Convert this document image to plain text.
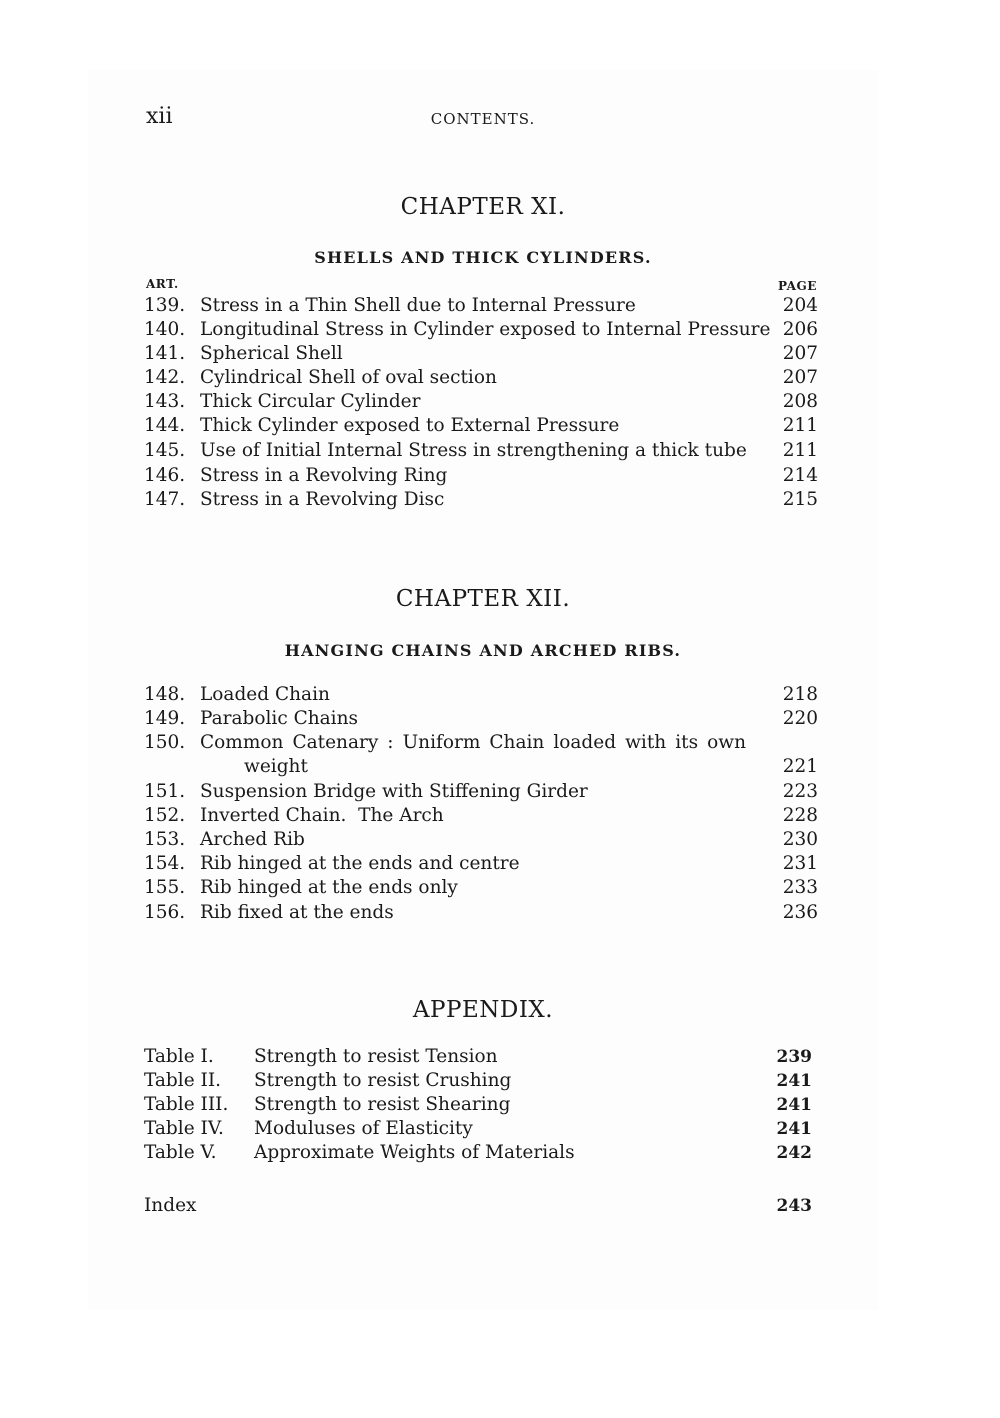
xii	CONTENTS.
CHAPTER XI.
SHELLS AND THICK CYLINDERS.
ART.	PAGE
139. Stress in a Thin Shell due to Internal Pressure	204
140. Longitudinal Stress in Cylinder exposed to Internal Pressure 206
141. Spherical Shell	207
142. Cylindrical Shell of oval section	207
143. Thick Circular Cylinder	208
144. Thick Cylinder exposed to External Pressure	211
145. Use of Initial Internal Stress in strengthening a thick tube	211
146. Stress in a Revolving Ring	214
147. Stress in a Revolving Disc	215
CHAPTER XII.
HANGING CHAINS AND ARCHED RIBS.
148. Loaded Chain	218
149. Parabolic Chains	220
150. Common Catenary : Uniform Chain loaded with its own
weight	221
151. Suspension Bridge with Stiffening Girder	223
152. Inverted Chain.  The Arch	228
153. Arched Rib	230
154. Rib hinged at the ends and centre	231
155. Rib hinged at the ends only	233
156. Rib fixed at the ends	236
APPENDIX.
Table I. Strength to resist Tension	239
Table II. Strength to resist Crushing	241
Table III. Strength to resist Shearing	241
Table IV. Moduluses of Elasticity	241
Table V. Approximate Weights of Materials	242
Index	243
